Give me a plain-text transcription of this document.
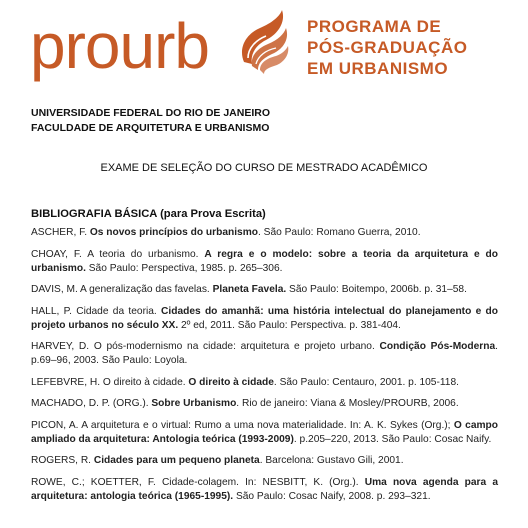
prourb	PROGRAMA DE
PÓS-GRADUAÇÃO
EM URBANISMO
UNIVERSIDADE FEDERAL DO RIO DE JANEIRO
FACULDADE DE ARQUITETURA E URBANISMO
EXAME DE SELEÇÃO DO CURSO DE MESTRADO ACADÊMICO
BIBLIOGRAFIA BÁSICA (para Prova Escrita)

ASCHER, F. Os novos princípios do urbanismo. São Paulo: Romano Guerra, 2010.

CHOAY, F. A teoria do urbanismo. A regra e o modelo: sobre a teoria da arquitetura e do urbanismo. São Paulo: Perspectiva, 1985. p. 265–306.

DAVIS, M. A generalização das favelas. Planeta Favela. São Paulo: Boitempo, 2006b. p. 31–58.

HALL, P. Cidade da teoria. Cidades do amanhã: uma história intelectual do planejamento e do projeto urbanos no século XX. 2º ed, 2011. São Paulo: Perspectiva. p. 381-404.

HARVEY, D. O pós-modernismo na cidade: arquitetura e projeto urbano. Condição Pós-Moderna. p.69–96, 2003. São Paulo: Loyola.

LEFEBVRE, H. O direito à cidade. O direito à cidade. São Paulo: Centauro, 2001. p. 105-118.

MACHADO, D. P. (ORG.). Sobre Urbanismo. Rio de janeiro: Viana & Mosley/PROURB, 2006.

PICON, A. A arquitetura e o virtual: Rumo a uma nova materialidade. In: A. K. Sykes (Org.); O campo ampliado da arquitetura: Antologia teórica (1993-2009). p.205–220, 2013. São Paulo: Cosac Naify.

ROGERS, R. Cidades para um pequeno planeta. Barcelona: Gustavo Gili, 2001.

ROWE, C.; KOETTER, F. Cidade-colagem. In: NESBITT, K. (Org.). Uma nova agenda para a arquitetura: antologia teórica (1965-1995). São Paulo: Cosac Naify, 2008. p. 293–321.
